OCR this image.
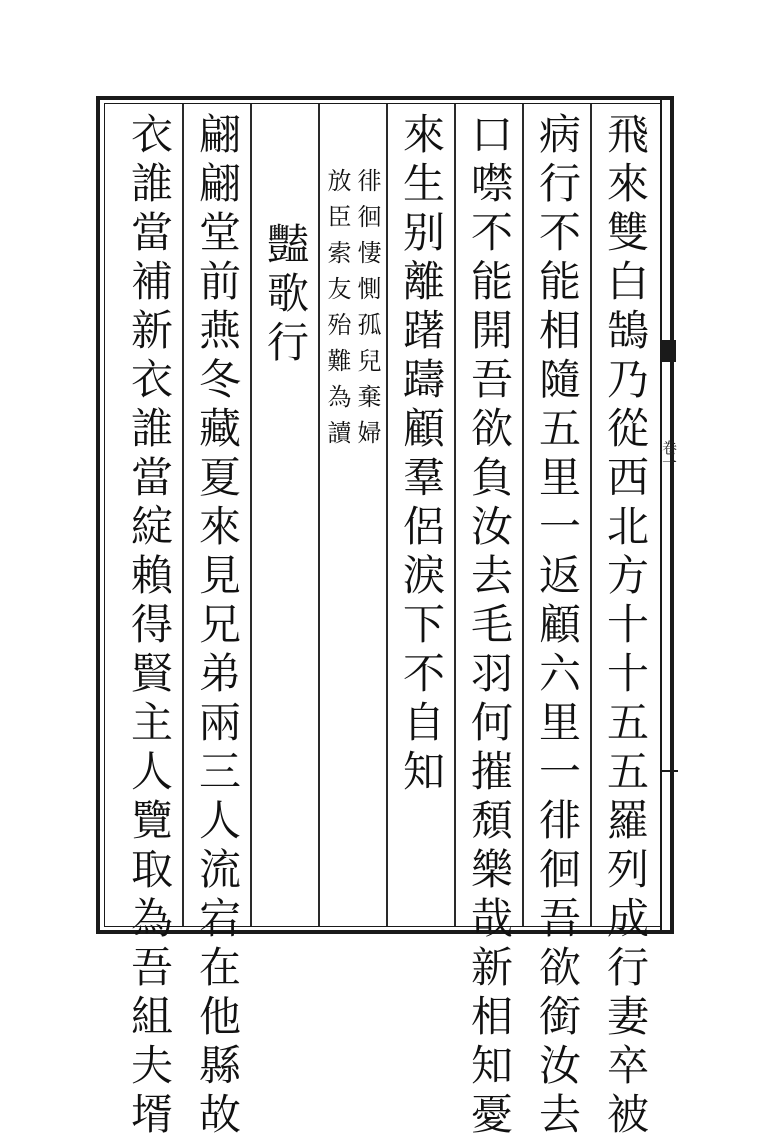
卷一
飛來雙白鵠乃從西北方十十五五羅列成行妻卒被
病行不能相隨五里一返顧六里一徘徊吾欲銜汝去
口噤不能開吾欲負汝去毛羽何摧頹樂哉新相知憂
來生别離躇躊顧羣侶淚下不自知
徘徊悽惻孤兒棄婦
放臣索友殆難為讀
豔歌行
翩翩堂前燕冬藏夏來見兄弟兩三人流宕在他縣故
衣誰當補新衣誰當綻賴得賢主人覽取為吾組夫壻
